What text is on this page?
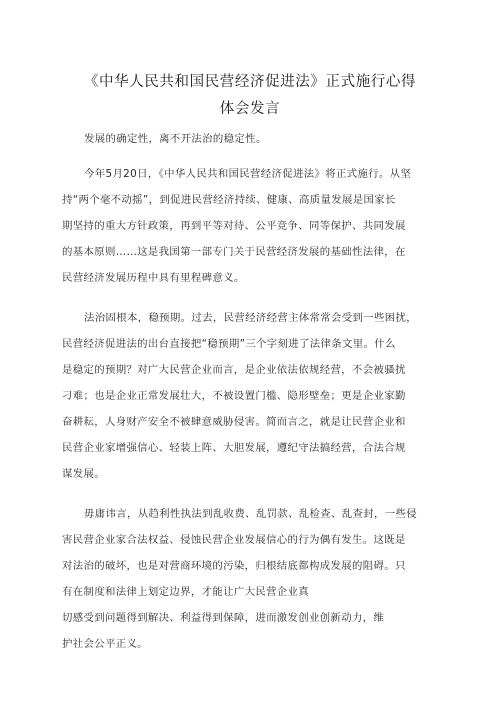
《中华人民共和国民营经济促进法》正式施行心得
体会发言
发展的确定性，离不开法治的稳定性。
今年5月20日，《中华人民共和国民营经济促进法》将正式施行。从坚
持“两个毫不动摇”，到促进民营经济持续、健康、高质量发展是国家长
期坚持的重大方针政策，再到平等对待、公平竞争、同等保护、共同发展
的基本原则……这是我国第一部专门关于民营经济发展的基础性法律，在
民营经济发展历程中具有里程碑意义。
法治固根本，稳预期。过去，民营经济经营主体常常会受到一些困扰，
民营经济促进法的出台直接把“稳预期”三个字刻进了法律条文里。什么
是稳定的预期？对广大民营企业而言，是企业依法依规经营，不会被骚扰
刁难；也是企业正常发展壮大，不被设置门槛、隐形壁垒；更是企业家勤
奋耕耘，人身财产安全不被肆意威胁侵害。简而言之，就是让民营企业和
民营企业家增强信心、轻装上阵、大胆发展，遵纪守法搞经营，合法合规
谋发展。
毋庸讳言，从趋利性执法到乱收费、乱罚款、乱检查、乱查封，一些侵
害民营企业家合法权益、侵蚀民营企业发展信心的行为偶有发生。这既是
对法治的破坏，也是对营商环境的污染，归根结底都构成发展的阻碍。只
有在制度和法律上划定边界，才能让广大民营企业真
切感受到问题得到解决、利益得到保障，进而激发创业创新动力，维
护社会公平正义。
